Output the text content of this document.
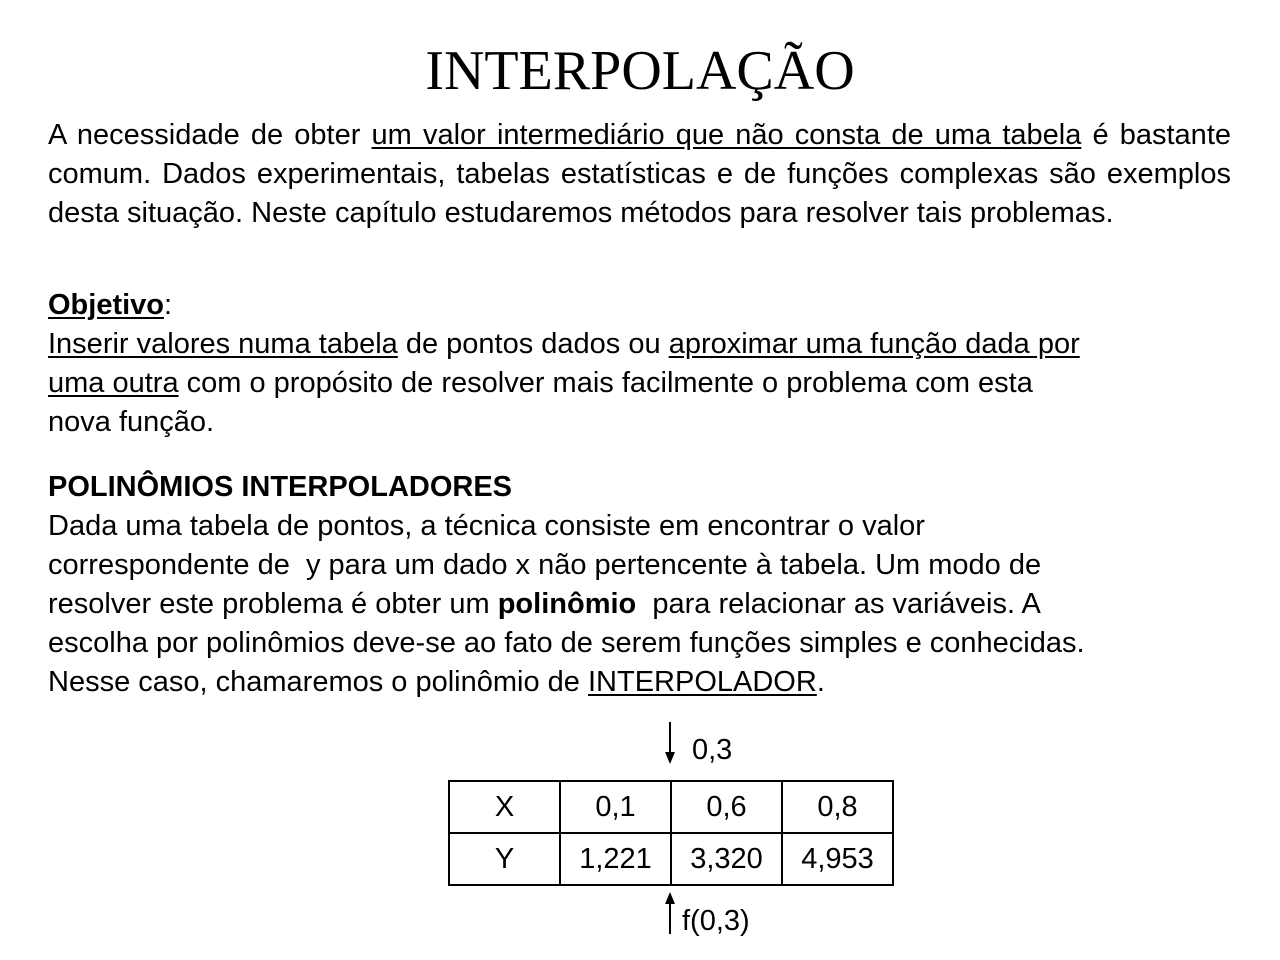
INTERPOLAÇÃO
A necessidade de obter um valor intermediário que não consta de uma tabela é bastante comum. Dados experimentais, tabelas estatísticas e de funções complexas são exemplos desta situação. Neste capítulo estudaremos métodos para resolver tais problemas.
Objetivo:
Inserir valores numa tabela de pontos dados ou aproximar uma função dada por
uma outra com o propósito de resolver mais facilmente o problema com esta
nova função.
POLINÔMIOS INTERPOLADORES
Dada uma tabela de pontos, a técnica consiste em encontrar o valor
correspondente de  y para um dado x não pertencente à tabela. Um modo de
resolver este problema é obter um polinômio  para relacionar as variáveis. A
escolha por polinômios deve-se ao fato de serem funções simples e conhecidas.
Nesse caso, chamaremos o polinômio de INTERPOLADOR.
0,3
X	0,1	0,6	0,8
Y	1,221	3,320	4,953
f(0,3)
